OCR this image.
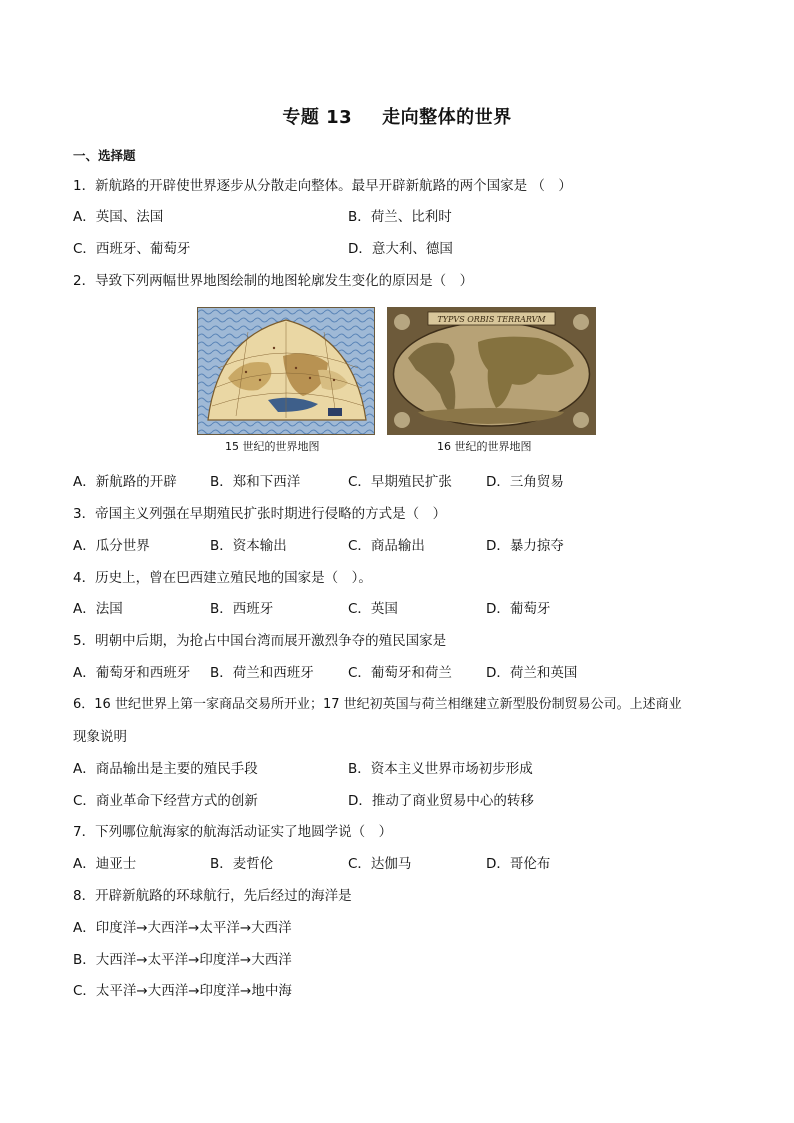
专题 13 走向整体的世界
一、选择题
1．新航路的开辟使世界逐步从分散走向整体。最早开辟新航路的两个国家是 （　）
A．英国、法国	B．荷兰、比利时
C．西班牙、葡萄牙	D．意大利、德国
2．导致下列两幅世界地图绘制的地图轮廓发生变化的原因是（　）
TYPVS ORBIS TERRARVM
15 世纪的世界地图	16 世纪的世界地图
A．新航路的开辟 B．郑和下西洋	C．早期殖民扩张	D．三角贸易
3．帝国主义列强在早期殖民扩张时期进行侵略的方式是（　）
A．瓜分世界	B．资本输出	C．商品输出	D．暴力掠夺
4．历史上，曾在巴西建立殖民地的国家是（　）。
A．法国	B．西班牙	C．英国	D．葡萄牙
5．明朝中后期，为抢占中国台湾而展开激烈争夺的殖民国家是
A．葡萄牙和西班牙 B．荷兰和西班牙	C．葡萄牙和荷兰	D．荷兰和英国
6．16 世纪世界上第一家商品交易所开业；17 世纪初英国与荷兰相继建立新型股份制贸易公司。上述商业
现象说明
A．商品输出是主要的殖民手段	B．资本主义世界市场初步形成
C．商业革命下经营方式的创新	D．推动了商业贸易中心的转移
7．下列哪位航海家的航海活动证实了地圆学说（　）
A．迪亚士	B．麦哲伦	C．达伽马	D．哥伦布
8．开辟新航路的环球航行，先后经过的海洋是
A．印度洋→大西洋→太平洋→大西洋
B．大西洋→太平洋→印度洋→大西洋
C．太平洋→大西洋→印度洋→地中海
